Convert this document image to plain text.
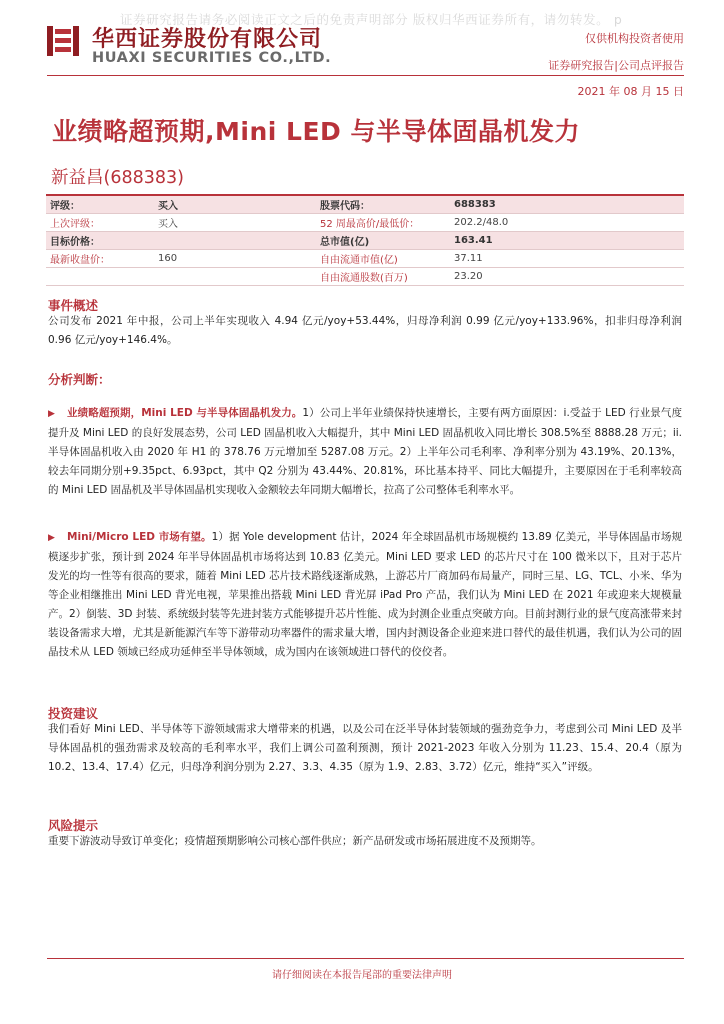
证券研究报告请务必阅读正文之后的免责声明部分 版权归华西证券所有，请勿转发。 p
华西证券股份有限公司
HUAXI SECURITIES CO.,LTD.
仅供机构投资者使用
证券研究报告|公司点评报告
2021 年 08 月 15 日
业绩略超预期,Mini LED 与半导体固晶机发力
新益昌(688383)
评级：	买入	股票代码：	688383
上次评级：	买入	52 周最高价/最低价：	202.2/48.0
目标价格：		总市值(亿)	163.41
最新收盘价：	160	自由流通市值(亿)	37.11
		自由流通股数(百万)	23.20
事件概述
公司发布 2021 年中报，公司上半年实现收入 4.94 亿元/yoy+53.44%，归母净利润 0.99 亿元/yoy+133.96%，扣非归母净利润 0.96 亿元/yoy+146.4%。
分析判断：
▶ 业绩略超预期，Mini LED 与半导体固晶机发力。1）公司上半年业绩保持快速增长，主要有两方面原因：i.受益于 LED 行业景气度提升及 Mini LED 的良好发展态势，公司 LED 固晶机收入大幅提升，其中 Mini LED 固晶机收入同比增长 308.5%至 8888.28 万元；ii. 半导体固晶机收入由 2020 年 H1 的 378.76 万元增加至 5287.08 万元。2）上半年公司毛利率、净利率分别为 43.19%、20.13%，较去年同期分别+9.35pct、6.93pct，其中 Q2 分别为 43.44%、20.81%，环比基本持平、同比大幅提升，主要原因在于毛利率较高的 Mini LED 固晶机及半导体固晶机实现收入金额较去年同期大幅增长，拉高了公司整体毛利率水平。
▶ Mini/Micro LED 市场有望。1）据 Yole development 估计，2024 年全球固晶机市场规模约 13.89 亿美元，半导体固晶市场规模逐步扩张，预计到 2024 年半导体固晶机市场将达到 10.83 亿美元。Mini LED 要求 LED 的芯片尺寸在 100 微米以下，且对于芯片发光的均一性等有很高的要求，随着 Mini LED 芯片技术路线逐渐成熟，上游芯片厂商加码布局量产，同时三星、LG、TCL、小米、华为等企业相继推出 Mini LED 背光电视，苹果推出搭载 Mini LED 背光屏 iPad Pro 产品，我们认为 Mini LED 在 2021 年或迎来大规模量产。2）倒装、3D 封装、系统级封装等先进封装方式能够提升芯片性能、成为封测企业重点突破方向。目前封测行业的景气度高涨带来封装设备需求大增，尤其是新能源汽车等下游带动功率器件的需求量大增，国内封测设备企业迎来进口替代的最佳机遇，我们认为公司的固晶技术从 LED 领域已经成功延伸至半导体领域，成为国内在该领域进口替代的佼佼者。
投资建议
我们看好 Mini LED、半导体等下游领域需求大增带来的机遇，以及公司在泛半导体封装领域的强劲竞争力，考虑到公司 Mini LED 及半导体固晶机的强劲需求及较高的毛利率水平，我们上调公司盈利预测，预计 2021-2023 年收入分别为 11.23、15.4、20.4（原为 10.2、13.4、17.4）亿元，归母净利润分别为 2.27、3.3、4.35（原为 1.9、2.83、3.72）亿元，维持“买入”评级。
风险提示
重要下游波动导致订单变化；疫情超预期影响公司核心部件供应；新产品研发或市场拓展进度不及预期等。
请仔细阅读在本报告尾部的重要法律声明
